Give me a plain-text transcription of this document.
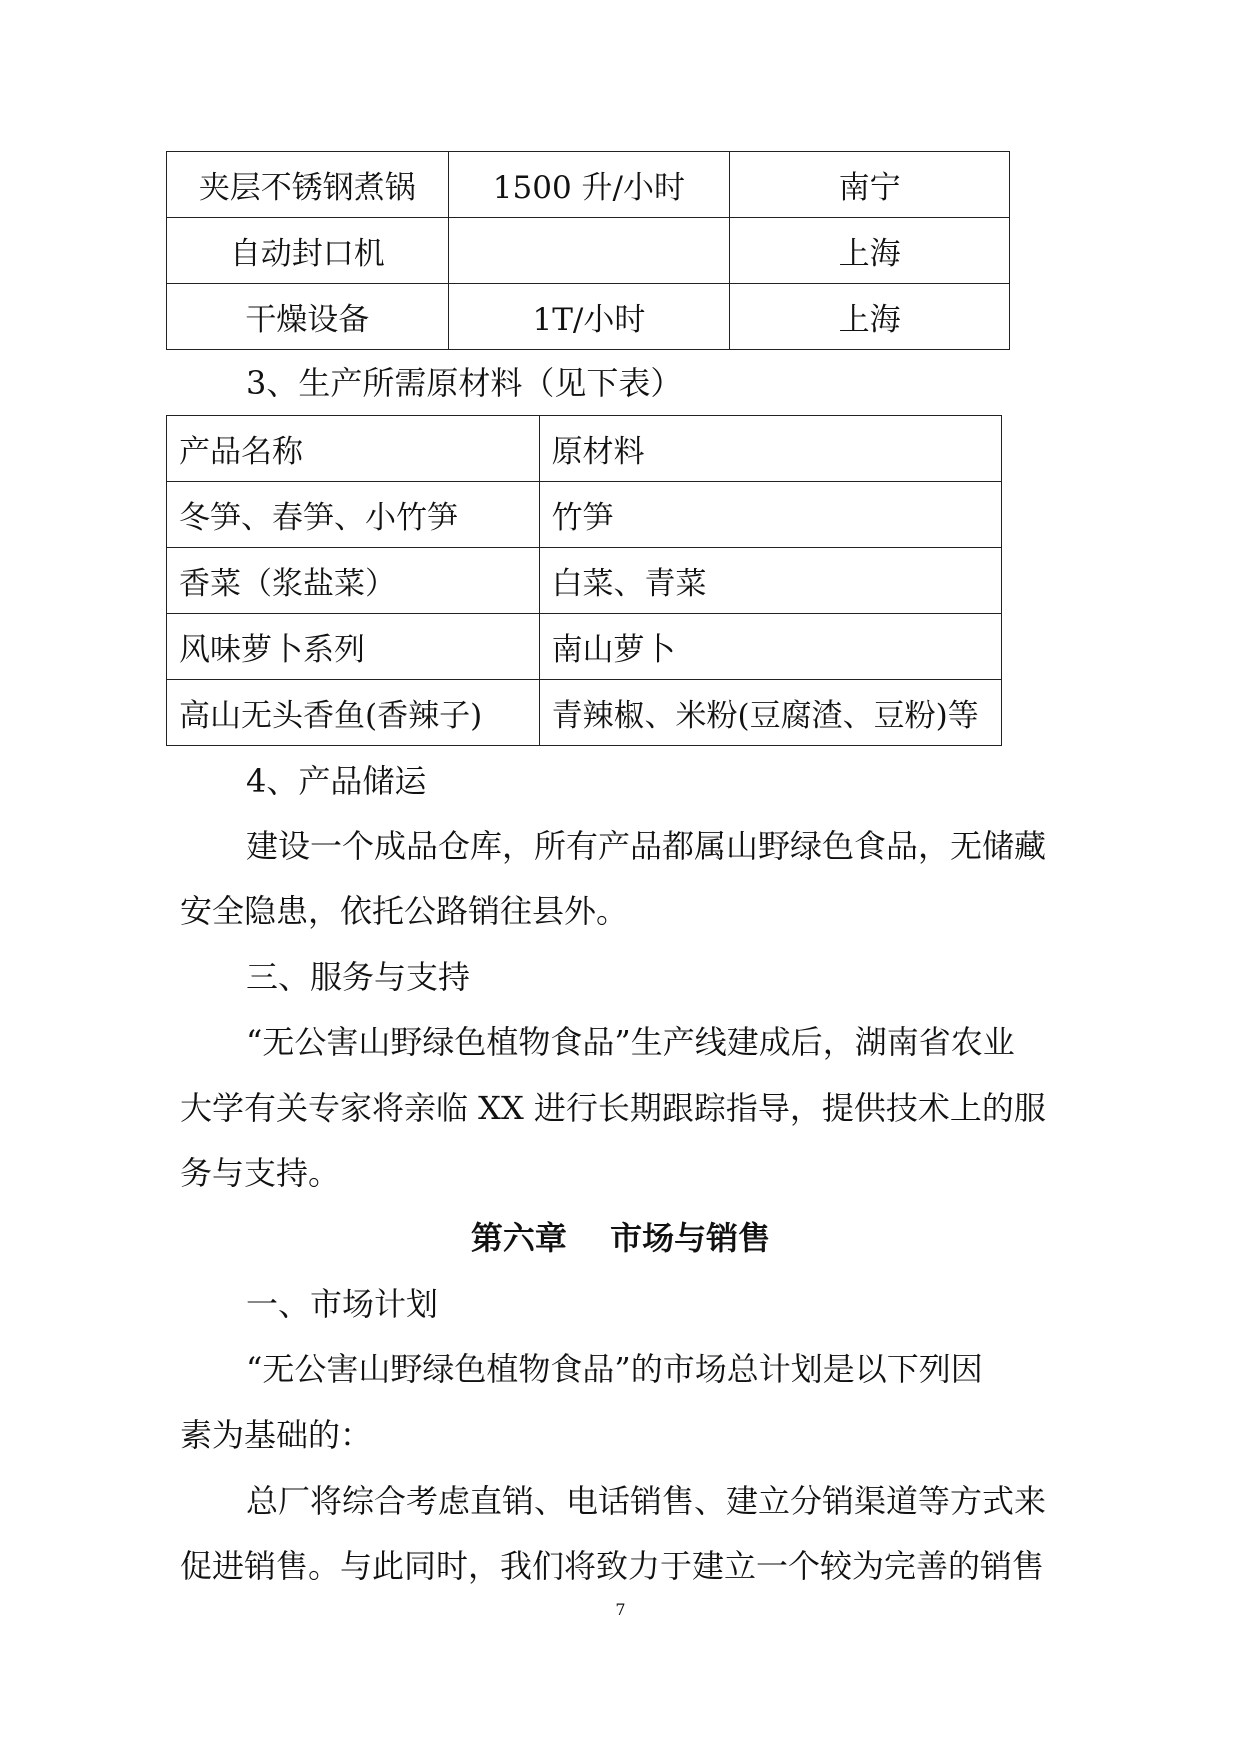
夹层不锈钢煮锅	1500 升/小时	南宁
自动封口机		上海
干燥设备	1T/小时	上海
3、生产所需原材料（见下表）
产品名称	原材料
冬笋、春笋、小竹笋	竹笋
香菜（浆盐菜）	白菜、青菜
风味萝卜系列	南山萝卜
高山无头香鱼(香辣子)	青辣椒、米粉(豆腐渣、豆粉)等
4、产品储运
建设一个成品仓库，所有产品都属山野绿色食品，无储藏
安全隐患，依托公路销往县外。
三、服务与支持
“无公害山野绿色植物食品”生产线建成后，湖南省农业
大学有关专家将亲临 XX 进行长期跟踪指导，提供技术上的服
务与支持。
第六章　 市场与销售
一、市场计划
“无公害山野绿色植物食品”的市场总计划是以下列因
素为基础的：
总厂将综合考虑直销、电话销售、建立分销渠道等方式来
促进销售。与此同时，我们将致力于建立一个较为完善的销售
7
